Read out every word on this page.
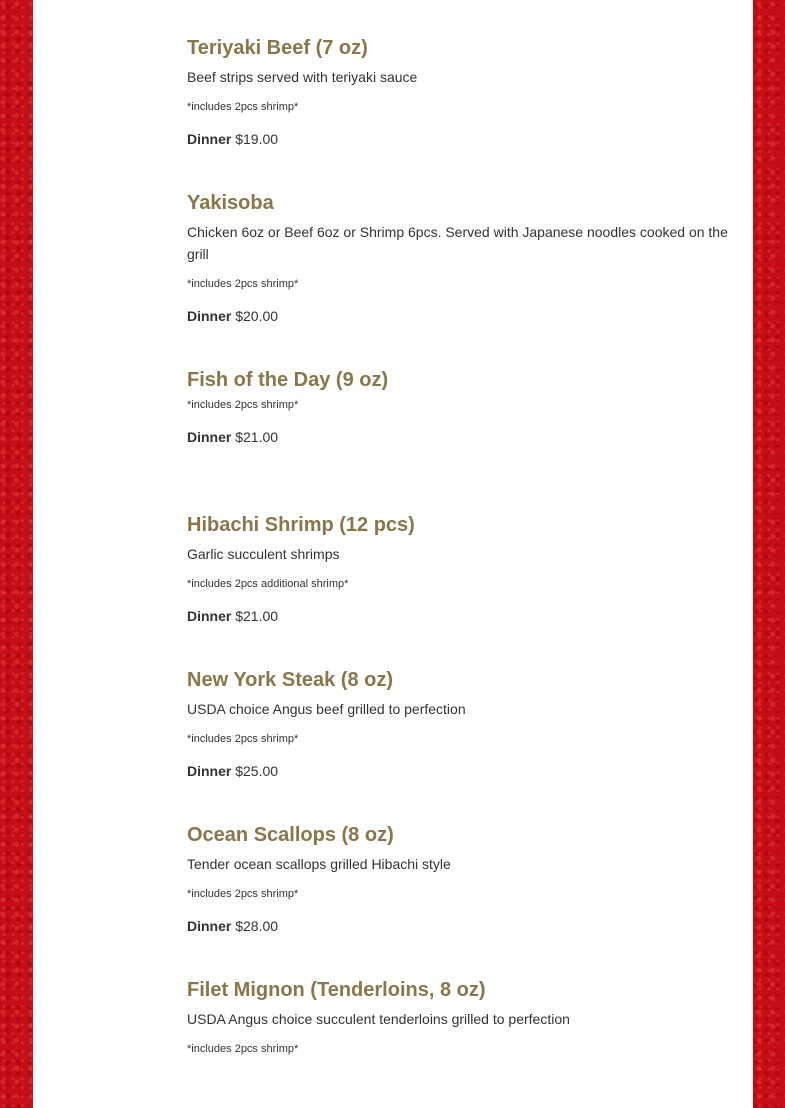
Teriyaki Beef (7 oz)

Beef strips served with teriyaki sauce

*includes 2pcs shrimp*

Dinner $19.00

Yakisoba

Chicken 6oz or Beef 6oz or Shrimp 6pcs. Served with Japanese noodles cooked on the grill

*includes 2pcs shrimp*

Dinner $20.00

Fish of the Day (9 oz)

*includes 2pcs shrimp*

Dinner $21.00

Hibachi Shrimp (12 pcs)

Garlic succulent shrimps

*includes 2pcs additional shrimp*

Dinner $21.00

New York Steak (8 oz)

USDA choice Angus beef grilled to perfection

*includes 2pcs shrimp*

Dinner $25.00

Ocean Scallops (8 oz)

Tender ocean scallops grilled Hibachi style

*includes 2pcs shrimp*

Dinner $28.00

Filet Mignon (Tenderloins, 8 oz)

USDA Angus choice succulent tenderloins grilled to perfection

*includes 2pcs shrimp*
